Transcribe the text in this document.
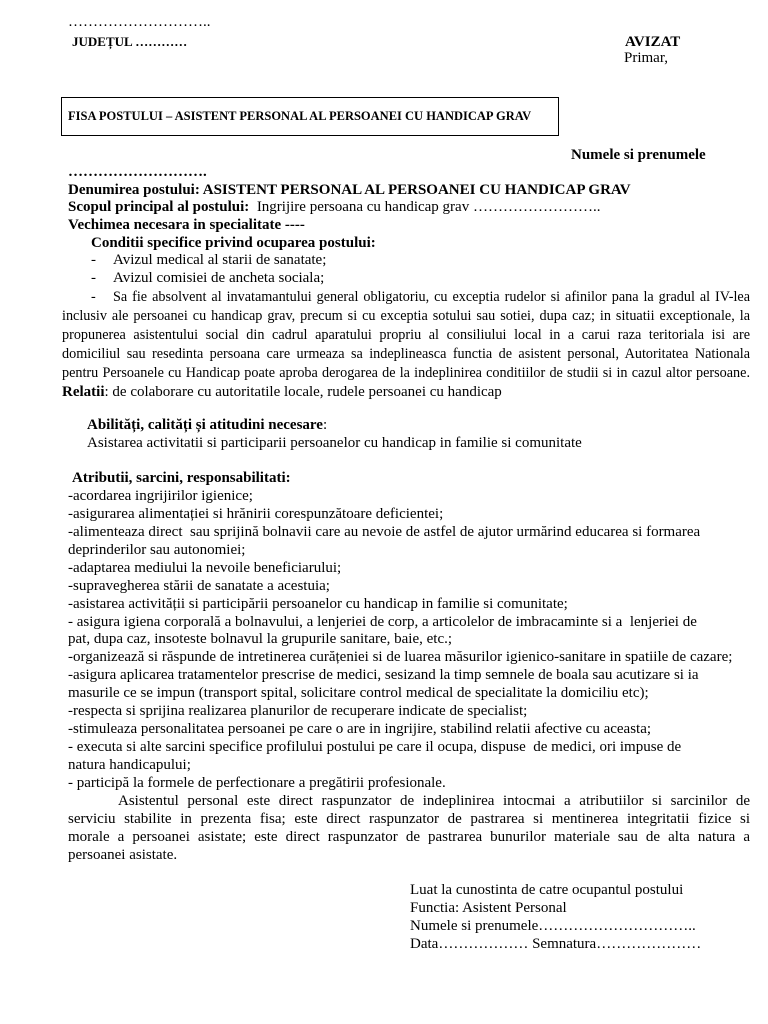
………………………..
JUDEȚUL …………	AVIZAT
Primar,
FISA POSTULUI – ASISTENT PERSONAL AL PERSOANEI CU HANDICAP GRAV
Numele si prenumele
……………………….
Denumirea postului: ASISTENT PERSONAL AL PERSOANEI CU HANDICAP GRAV
Scopul principal al postului:  Ingrijire persoana cu handicap grav ……………………..
Vechimea necesara in specialitate ----
Conditii specifice privind ocuparea postului:
- Avizul medical al starii de sanatate;
- Avizul comisiei de ancheta sociala;
- Sa fie absolvent al invatamantului general obligatoriu, cu exceptia rudelor si afinilor pana la gradul al IV-lea
inclusiv ale persoanei cu handicap grav, precum si cu exceptia sotului sau sotiei, dupa caz; in situatii exceptionale, la
propunerea asistentului social din cadrul aparatului propriu al consiliului local in a carui raza teritoriala isi are
domiciliul sau resedinta persoana care urmeaza sa indeplineasca functia de asistent personal, Autoritatea Nationala
pentru Persoanele cu Handicap poate aproba derogarea de la indeplinirea conditiilor de studii si in cazul altor persoane.
Relatii: de colaborare cu autoritatile locale, rudele persoanei cu handicap
Abilități, calități și atitudini necesare:
Asistarea activitatii si participarii persoanelor cu handicap in familie si comunitate
Atributii, sarcini, responsabilitati:
-acordarea ingrijirilor igienice;
-asigurarea alimentației si hrănirii corespunzătoare deficientei;
-alimenteaza direct  sau sprijină bolnavii care au nevoie de astfel de ajutor urmărind educarea si formarea
deprinderilor sau autonomiei;
-adaptarea mediului la nevoile beneficiarului;
-supravegherea stării de sanatate a acestuia;
-asistarea activității si participării persoanelor cu handicap in familie si comunitate;
- asigura igiena corporală a bolnavului, a lenjeriei de corp, a articolelor de imbracaminte si a  lenjeriei de
pat, dupa caz, insoteste bolnavul la grupurile sanitare, baie, etc.;
-organizează si răspunde de intretinerea curățeniei si de luarea măsurilor igienico-sanitare in spatiile de cazare;
-asigura aplicarea tratamentelor prescrise de medici, sesizand la timp semnele de boala sau acutizare si ia
masurile ce se impun (transport spital, solicitare control medical de specialitate la domiciliu etc);
-respecta si sprijina realizarea planurilor de recuperare indicate de specialist;
-stimuleaza personalitatea persoanei pe care o are in ingrijire, stabilind relatii afective cu aceasta;
- executa si alte sarcini specifice profilului postului pe care il ocupa, dispuse  de medici, ori impuse de
natura handicapului;
- participă la formele de perfectionare a pregătirii profesionale.
Asistentul personal este direct raspunzator de indeplinirea intocmai a atributiilor si sarcinilor de
serviciu stabilite in prezenta fisa; este direct raspunzator de pastrarea si mentinerea integritatii fizice si
morale a persoanei asistate; este direct raspunzator de pastrarea bunurilor materiale sau de alta natura a
persoanei asistate.
Luat la cunostinta de catre ocupantul postului
Functia: Asistent Personal
Numele si prenumele…………………………..
Data……………… Semnatura…………………
